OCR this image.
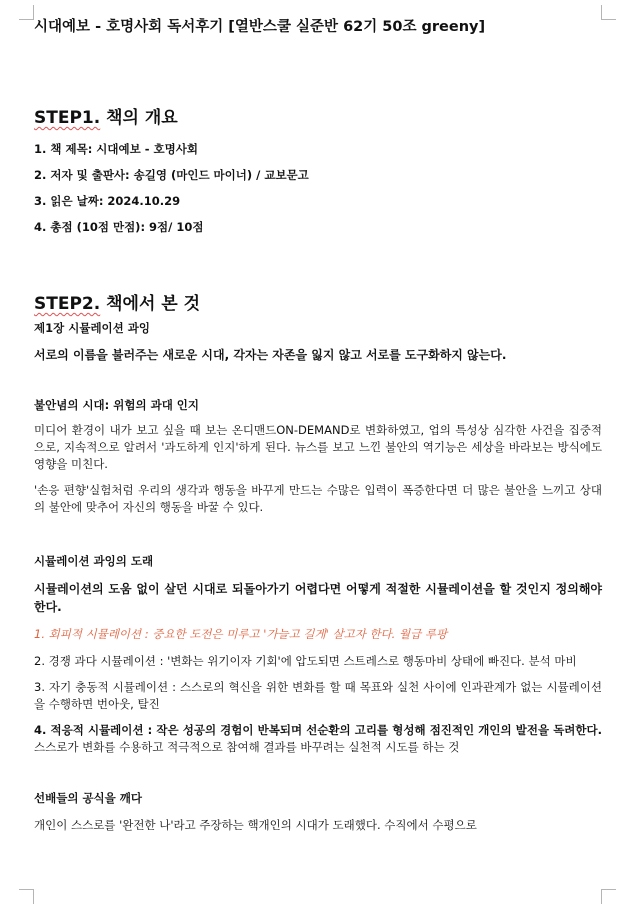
시대예보 - 호명사회 독서후기 [열반스쿨 실준반 62기 50조 greeny]
STEP1. 책의 개요
1. 책 제목: 시대예보 - 호명사회
2. 저자 및 출판사: 송길영 (마인드 마이너) / 교보문고
3. 읽은 날짜: 2024.10.29
4. 총점 (10점 만점): 9점/ 10점
STEP2. 책에서 본 것

제1장 시뮬레이션 과잉

서로의 이름을 불러주는 새로운 시대, 각자는 자존을 잃지 않고 서로를 도구화하지 않는다.

불안념의 시대: 위험의 과대 인지

미디어 환경이 내가 보고 싶을 때 보는 온디맨드ON-DEMAND로 변화하였고, 업의 특성상 심각한 사건을 집중적으로, 지속적으로 알려서 '과도하게 인지'하게 된다. 뉴스를 보고 느낀 불안의 역기능은 세상을 바라보는 방식에도 영향을 미친다.

'손응 편향'실험처럼 우리의 생각과 행동을 바꾸게 만드는 수많은 입력이 폭증한다면 더 많은 불안을 느끼고 상대의 불안에 맞추어 자신의 행동을 바꿀 수 있다.

시뮬레이션 과잉의 도래

시뮬레이션의 도움 없이 살던 시대로 되돌아가기 어렵다면 어떻게 적절한 시뮬레이션을 할 것인지 정의해야 한다.

1. 회피적 시뮬레이션 : 중요한 도전은 미루고 '가늘고 길게' 살고자 한다. 월급 루팡

2. 경쟁 과다 시뮬레이션 : '변화는 위기이자 기회'에 압도되면 스트레스로 행동마비 상태에 빠진다. 분석 마비

3. 자기 충동적 시뮬레이션 : 스스로의 혁신을 위한 변화를 할 때 목표와 실천 사이에 인과관계가 없는 시뮬레이션을 수행하면 번아웃, 탈진

4. 적응적 시뮬레이션 : 작은 성공의 경험이 반복되며 선순환의 고리를 형성해 점진적인 개인의 발전을 독려한다. 스스로가 변화를 수용하고 적극적으로 참여해 결과를 바꾸려는 실천적 시도를 하는 것

선배들의 공식을 깨다

개인이 스스로를 '완전한 나'라고 주장하는 핵개인의 시대가 도래했다. 수직에서 수평으로
